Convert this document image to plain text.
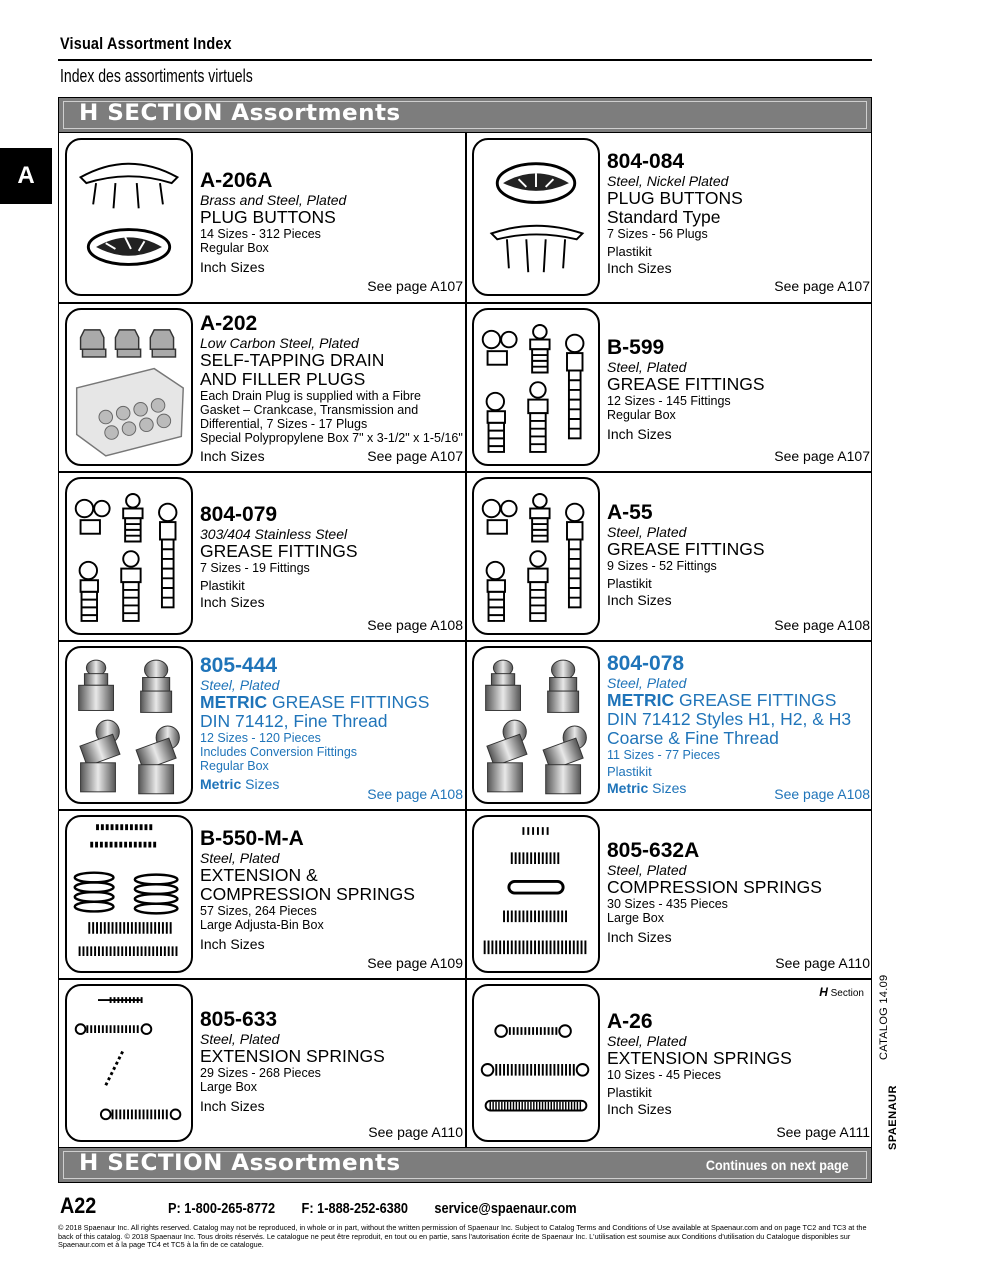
Visual Assortment Index
Index des assortiments virtuels
A
H SECTION Assortments
A-206A
Brass and Steel, Plated
PLUG BUTTONS
14 Sizes - 312 Pieces
Regular Box
Inch Sizes
See page A107
804-084
Steel, Nickel Plated
PLUG BUTTONS
Standard Type
7 Sizes - 56 Plugs
Plastikit
Inch Sizes
See page A107
A-202
Low Carbon Steel, Plated
SELF-TAPPING DRAIN
AND FILLER PLUGS
Each Drain Plug is supplied with a Fibre
Gasket – Crankcase, Transmission and
Differential, 7 Sizes - 17 Plugs
Special Polypropylene Box 7" x 3-1/2" x 1-5/16"
Inch Sizes	See page A107
B-599
Steel, Plated
GREASE FITTINGS
12 Sizes - 145 Fittings
Regular Box
Inch Sizes
See page A107
804-079
303/404 Stainless Steel
GREASE FITTINGS
7 Sizes - 19 Fittings
Plastikit
Inch Sizes
See page A108
A-55
Steel, Plated
GREASE FITTINGS
9 Sizes - 52 Fittings
Plastikit
Inch Sizes
See page A108
805-444
Steel, Plated
METRIC GREASE FITTINGS
DIN 71412, Fine Thread
12 Sizes - 120 Pieces
Includes Conversion Fittings
Regular Box
Metric Sizes
See page A108
804-078
Steel, Plated
METRIC GREASE FITTINGS
DIN 71412 Styles H1, H2, & H3
Coarse & Fine Thread
11 Sizes - 77 Pieces
Plastikit
Metric Sizes	See page A108
B-550-M-A
Steel, Plated
EXTENSION &
COMPRESSION SPRINGS
57 Sizes, 264 Pieces
Large Adjusta-Bin Box
Inch Sizes
See page A109
805-632A
Steel, Plated
COMPRESSION SPRINGS
30 Sizes - 435 Pieces
Large Box
Inch Sizes
See page A110
805-633
Steel, Plated
EXTENSION SPRINGS
29 Sizes - 268 Pieces
Large Box
Inch Sizes
See page A110
H Section
A-26
Steel, Plated
EXTENSION SPRINGS
10 Sizes - 45 Pieces
Plastikit
Inch Sizes
See page A111
H SECTION Assortments	Continues on next page
CATALOG 14.09
SPAENAUR
A22	P: 1-800-265-8772 F: 1-888-252-6380 service@spaenaur.com
© 2018 Spaenaur Inc. All rights reserved. Catalog may not be reproduced, in whole or in part, without the written permission of Spaenaur Inc. Subject to Catalog Terms and Conditions of Use available at Spaenaur.com and on page TC2 and TC3 at the back of this catalog. © 2018 Spaenaur Inc. Tous droits réservés. Le catalogue ne peut être reproduit, en tout ou en partie, sans l'autorisation écrite de Spaenaur Inc. L'utilisation est soumise aux Conditions d'utilisation du Catalogue disponibles sur Spaenaur.com et à la page TC4 et TC5 à la fin de ce catalogue.
